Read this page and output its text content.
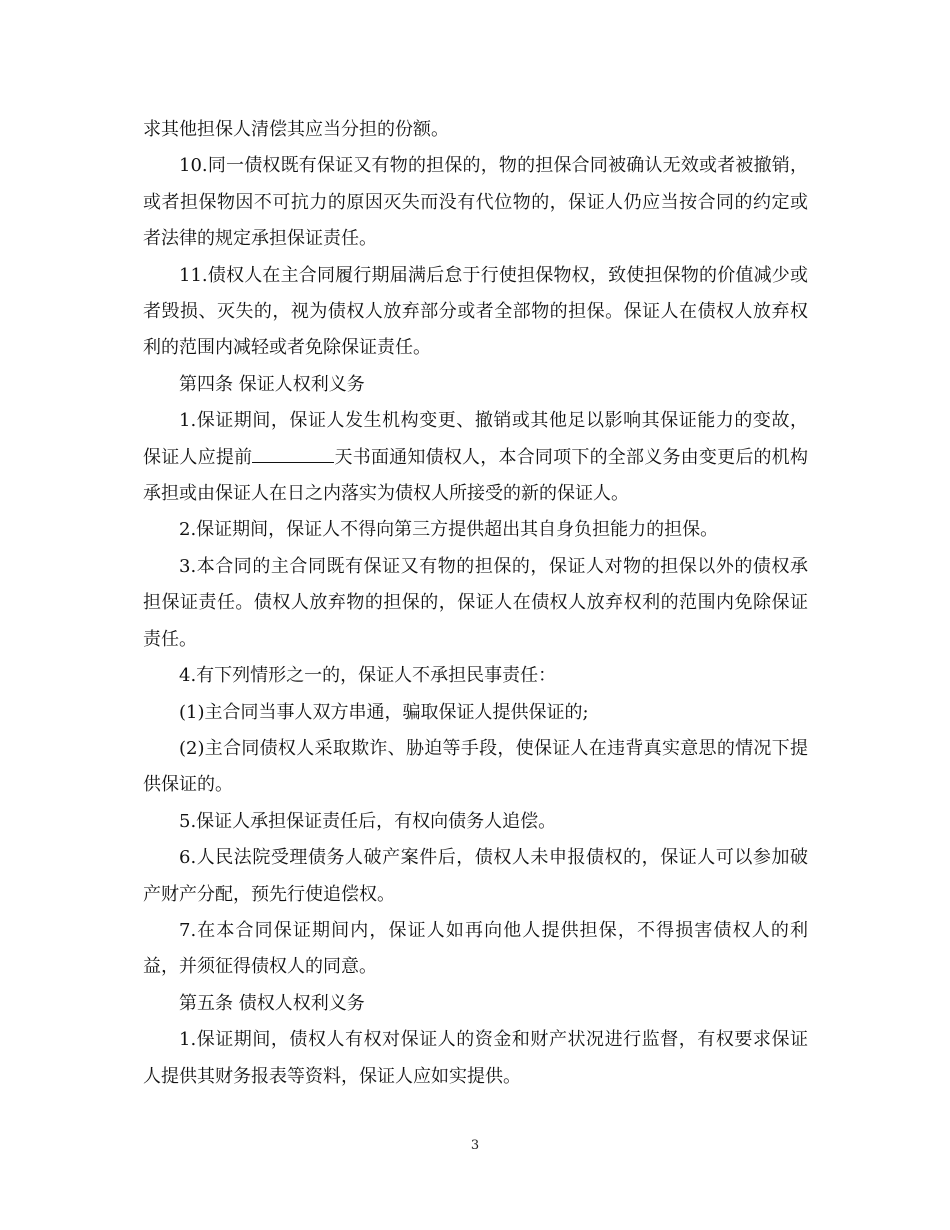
求其他担保人清偿其应当分担的份额。

10.同一债权既有保证又有物的担保的，物的担保合同被确认无效或者被撤销，或者担保物因不可抗力的原因灭失而没有代位物的，保证人仍应当按合同的约定或者法律的规定承担保证责任。

11.债权人在主合同履行期届满后怠于行使担保物权，致使担保物的价值减少或者毁损、灭失的，视为债权人放弃部分或者全部物的担保。保证人在债权人放弃权利的范围内减轻或者免除保证责任。

第四条 保证人权利义务

1.保证期间，保证人发生机构变更、撤销或其他足以影响其保证能力的变故，保证人应提前	天书面通知债权人，本合同项下的全部义务由变更后的机构承担或由保证人在日之内落实为债权人所接受的新的保证人。

2.保证期间，保证人不得向第三方提供超出其自身负担能力的担保。

3.本合同的主合同既有保证又有物的担保的，保证人对物的担保以外的债权承担保证责任。债权人放弃物的担保的，保证人在债权人放弃权利的范围内免除保证责任。

4.有下列情形之一的，保证人不承担民事责任：

(1)主合同当事人双方串通，骗取保证人提供保证的;

(2)主合同债权人采取欺诈、胁迫等手段，使保证人在违背真实意思的情况下提供保证的。

5.保证人承担保证责任后，有权向债务人追偿。

6.人民法院受理债务人破产案件后，债权人未申报债权的，保证人可以参加破产财产分配，预先行使追偿权。

7.在本合同保证期间内，保证人如再向他人提供担保，不得损害债权人的利益，并须征得债权人的同意。

第五条 债权人权利义务

1.保证期间，债权人有权对保证人的资金和财产状况进行监督，有权要求保证人提供其财务报表等资料，保证人应如实提供。

3
